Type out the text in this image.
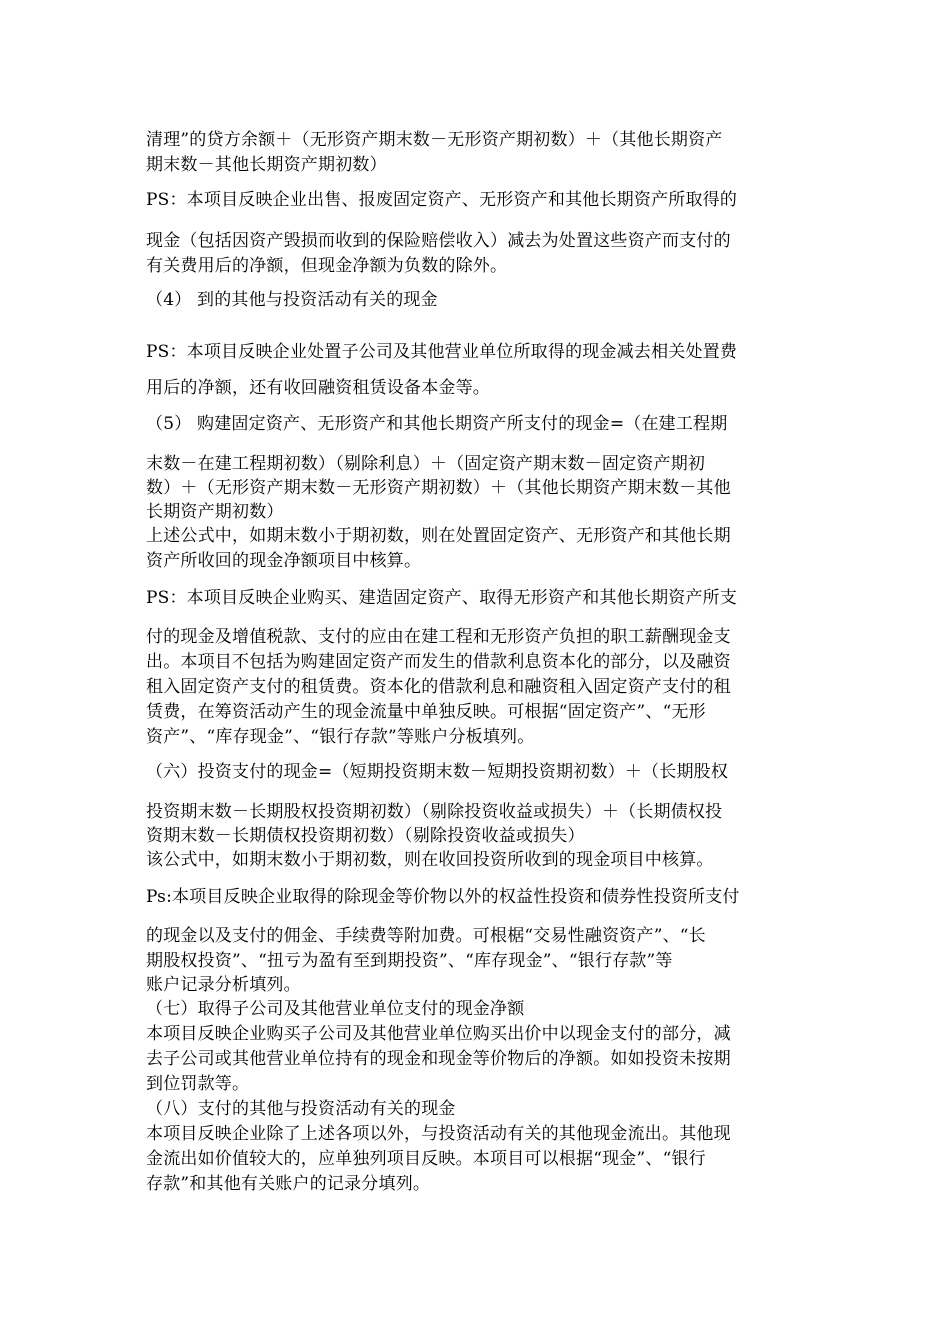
清理”的贷方余额＋（无形资产期末数－无形资产期初数）＋（其他长期资产
期末数－其他长期资产期初数）
PS：本项目反映企业出售、报废固定资产、无形资产和其他长期资产所取得的
现金（包括因资产毁损而收到的保险赔偿收入）减去为处置这些资产而支付的
有关费用后的净额，但现金净额为负数的除外。
（4） 到的其他与投资活动有关的现金
PS：本项目反映企业处置子公司及其他营业单位所取得的现金减去相关处置费
用后的净额，还有收回融资租赁设备本金等。
（5） 购建固定资产、无形资产和其他长期资产所支付的现金=（在建工程期
末数－在建工程期初数）（剔除利息）＋（固定资产期末数－固定资产期初
数）＋（无形资产期末数－无形资产期初数）＋（其他长期资产期末数－其他
长期资产期初数）
上述公式中，如期末数小于期初数，则在处置固定资产、无形资产和其他长期
资产所收回的现金净额项目中核算。
PS：本项目反映企业购买、建造固定资产、取得无形资产和其他长期资产所支
付的现金及增值税款、支付的应由在建工程和无形资产负担的职工薪酬现金支
出。本项目不包括为购建固定资产而发生的借款利息资本化的部分，以及融资
租入固定资产支付的租赁费。资本化的借款利息和融资租入固定资产支付的租
赁费，在筹资活动产生的现金流量中单独反映。可根据“固定资产”、“无形
资产”、“库存现金”、“银行存款”等账户分板填列。
（六）投资支付的现金=（短期投资期末数－短期投资期初数）＋（长期股权
投资期末数－长期股权投资期初数）（剔除投资收益或损失）＋（长期债权投
资期末数－长期债权投资期初数）（剔除投资收益或损失）
该公式中，如期末数小于期初数，则在收回投资所收到的现金项目中核算。
Ps:本项目反映企业取得的除现金等价物以外的权益性投资和债券性投资所支付
的现金以及支付的佣金、手续费等附加费。可根椐“交易性融资资产”、“长
期股权投资”、“扭亏为盈有至到期投资”、“库存现金”、“银行存款”等
账户记录分析填列。
（七）取得子公司及其他营业单位支付的现金净额
本项目反映企业购买子公司及其他营业单位购买出价中以现金支付的部分，减
去子公司或其他营业单位持有的现金和现金等价物后的净额。如如投资未按期
到位罚款等。
（八）支付的其他与投资活动有关的现金
本项目反映企业除了上述各项以外，与投资活动有关的其他现金流出。其他现
金流出如价值较大的，应单独列项目反映。本项目可以根据“现金”、“银行
存款”和其他有关账户的记录分填列。
